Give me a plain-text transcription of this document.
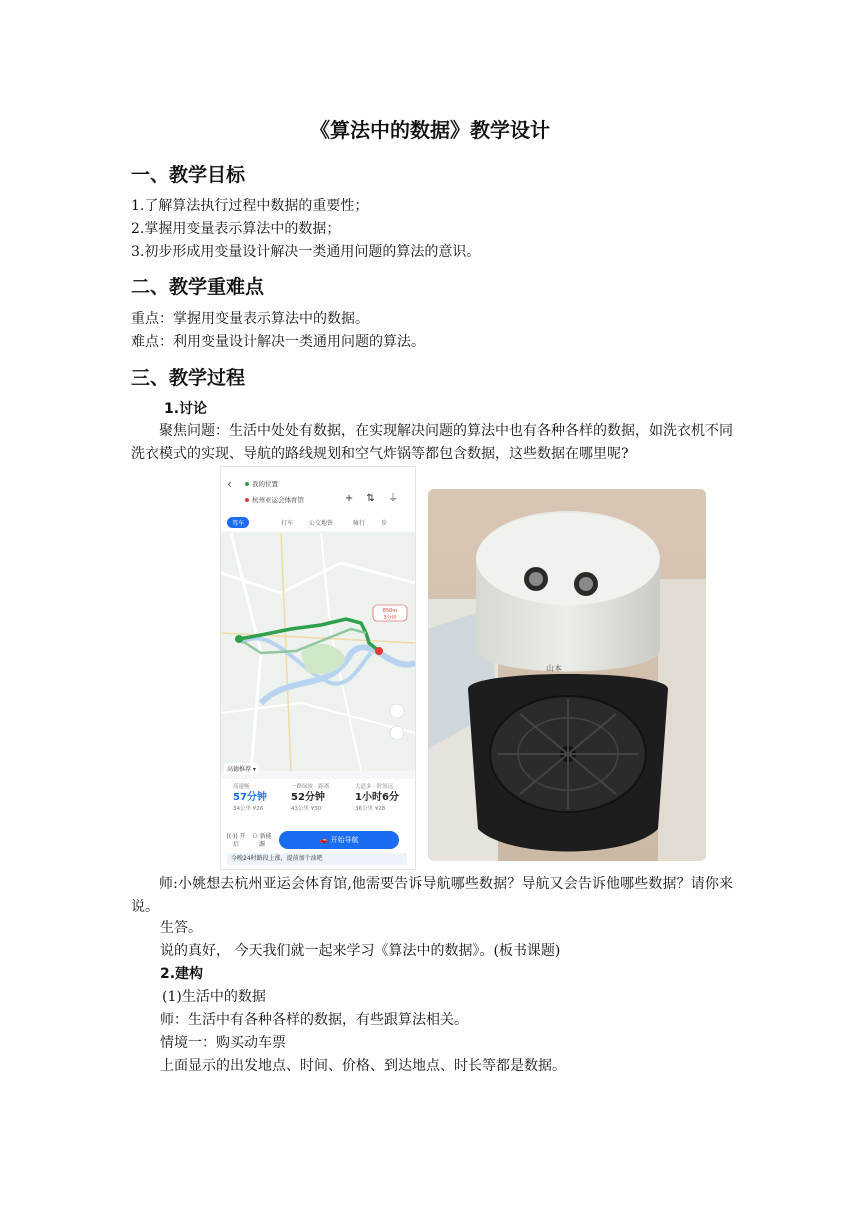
《算法中的数据》教学设计
一、教学目标
1.了解算法执行过程中数据的重要性；
2.掌握用变量表示算法中的数据；
3.初步形成用变量设计解决一类通用问题的算法的意识。
二、教学重难点
重点：掌握用变量表示算法中的数据。
难点：利用变量设计解决一类通用问题的算法。
三、教学过程
1.讨论
聚焦问题：生活中处处有数据，在实现解决问题的算法中也有各种各样的数据，如洗衣机不同洗衣模式的实现、导航的路线规划和空气炸锅等都包含数据，这些数据在哪里呢?
‹	我的位置
杭州亚运会体育馆	+ ⇅ ⏚
驾车	打车	公交地铁	骑行	步
850m
3分钟
高德推荐 ▾
高速畅
57分钟
34公里 ¥26
一路绿波 · 距离
52分钟
43公里 ¥30
大道多 · 时间远
1小时6分
36公里 ¥28
((·)) 开启
⚇ 新能源
🚗 开始导航
今晚24时路段上涨，提前加个油吧
山本
师:小姚想去杭州亚运会体育馆,他需要告诉导航哪些数据？导航又会告诉他哪些数据？请你来说。
生答。
说的真好， 今天我们就一起来学习《算法中的数据》。(板书课题)
2.建构
(1)生活中的数据
师：生活中有各种各样的数据，有些跟算法相关。
情境一：购买动车票
上面显示的出发地点、时间、价格、到达地点、时长等都是数据。
